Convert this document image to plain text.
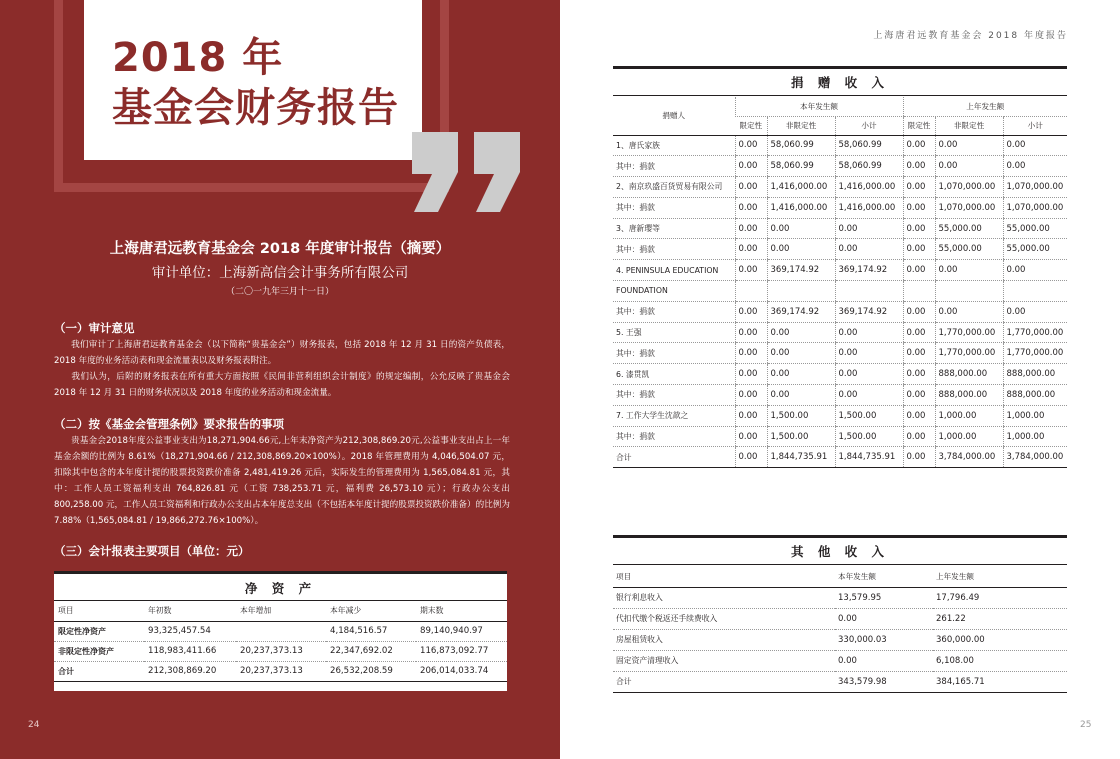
2018 年
基金会财务报告
上海唐君远教育基金会 2018 年度审计报告（摘要）
审计单位：上海新高信会计事务所有限公司
（二〇一九年三月十一日）
（一）审计意见
我们审计了上海唐君远教育基金会（以下简称“贵基金会”）财务报表，包括 2018 年 12 月 31 日的资产负债表，2018 年度的业务活动表和现金流量表以及财务报表附注。
我们认为，后附的财务报表在所有重大方面按照《民间非营利组织会计制度》的规定编制，公允反映了贵基金会 2018 年 12 月 31 日的财务状况以及 2018 年度的业务活动和现金流量。
（二）按《基金会管理条例》要求报告的事项
贵基金会2018年度公益事业支出为18,271,904.66元,上年末净资产为212,308,869.20元,公益事业支出占上一年基金余额的比例为 8.61%（18,271,904.66 / 212,308,869.20×100%）。2018 年管理费用为 4,046,504.07 元，扣除其中包含的本年度计提的股票投资跌价准备 2,481,419.26 元后，实际发生的管理费用为 1,565,084.81 元，其中：工作人员工资福利支出 764,826.81 元（工资 738,253.71 元，福利费 26,573.10 元）；行政办公支出 800,258.00 元，工作人员工资福利和行政办公支出占本年度总支出（不包括本年度计提的股票投资跌价准备）的比例为 7.88%（1,565,084.81 / 19,866,272.76×100%）。
（三）会计报表主要项目（单位：元）
净 资 产
项目	年初数	本年增加	本年减少	期末数
限定性净资产	93,325,457.54		4,184,516.57	89,140,940.97
非限定性净资产	118,983,411.66	20,237,373.13	22,347,692.02	116,873,092.77
合计	212,308,869.20	20,237,373.13	26,532,208.59	206,014,033.74
24
上海唐君远教育基金会 2018 年度报告
捐 赠 收 入
捐赠人	本年发生额			上年发生额		
	限定性	非限定性	小计	限定性	非限定性	小计
1、唐氏家族	0.00	58,060.99	58,060.99	0.00	0.00	0.00
其中：捐款	0.00	58,060.99	58,060.99	0.00	0.00	0.00
2、南京玖盛百货贸易有限公司	0.00	1,416,000.00	1,416,000.00	0.00	1,070,000.00	1,070,000.00
其中：捐款	0.00	1,416,000.00	1,416,000.00	0.00	1,070,000.00	1,070,000.00
3、唐新璎等	0.00	0.00	0.00	0.00	55,000.00	55,000.00
其中：捐款	0.00	0.00	0.00	0.00	55,000.00	55,000.00
4. PENINSULA EDUCATION	0.00	369,174.92	369,174.92	0.00	0.00	0.00
FOUNDATION						
其中：捐款	0.00	369,174.92	369,174.92	0.00	0.00	0.00
5. 王强	0.00	0.00	0.00	0.00	1,770,000.00	1,770,000.00
其中：捐款	0.00	0.00	0.00	0.00	1,770,000.00	1,770,000.00
6. 漆贯凯	0.00	0.00	0.00	0.00	888,000.00	888,000.00
其中：捐款	0.00	0.00	0.00	0.00	888,000.00	888,000.00
7. 工作大学生沈歆之	0.00	1,500.00	1,500.00	0.00	1,000.00	1,000.00
其中：捐款	0.00	1,500.00	1,500.00	0.00	1,000.00	1,000.00
合计	0.00	1,844,735.91	1,844,735.91	0.00	3,784,000.00	3,784,000.00
其 他 收 入
项目	本年发生额	上年发生额
银行利息收入	13,579.95	17,796.49
代扣代缴个税返还手续费收入	0.00	261.22
房屋租赁收入	330,000.03	360,000.00
固定资产清理收入	0.00	6,108.00
合计	343,579.98	384,165.71
25
